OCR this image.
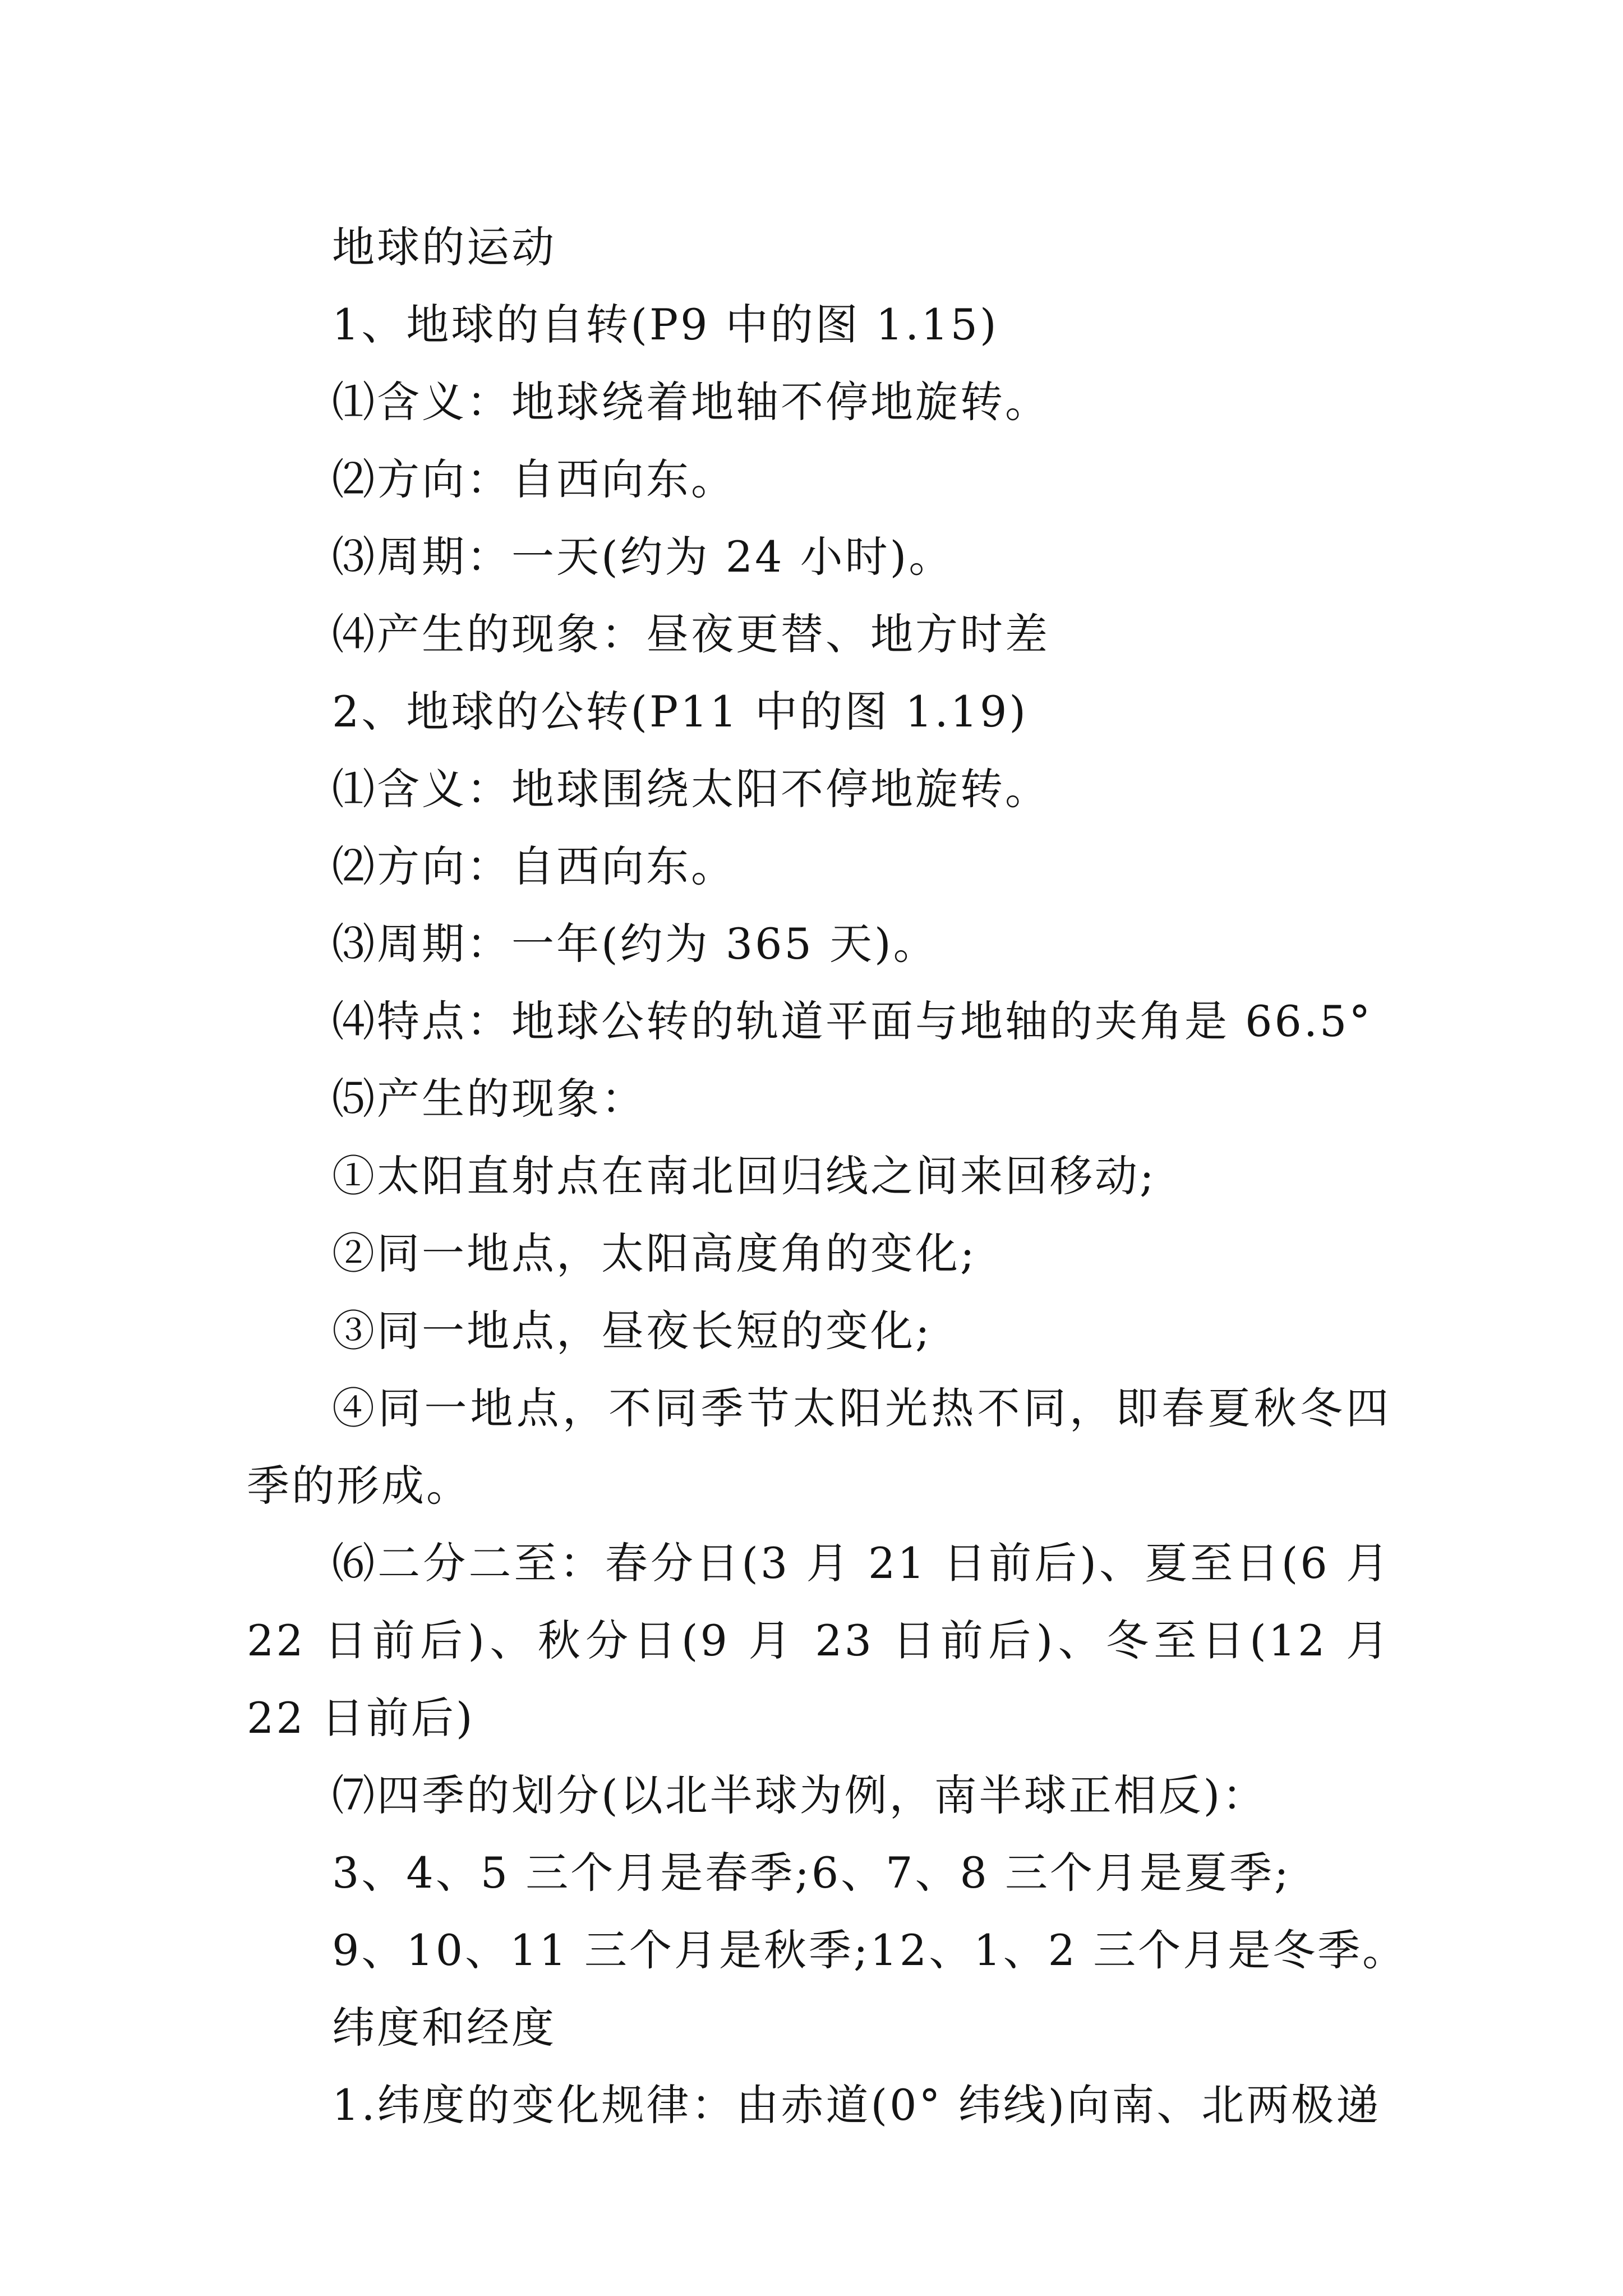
地球的运动

1、地球的自转(P9 中的图 1.15)

⑴含义：地球绕着地轴不停地旋转。

⑵方向：自西向东。

⑶周期：一天(约为 24 小时)。

⑷产生的现象：昼夜更替、地方时差

2、地球的公转(P11 中的图 1.19)

⑴含义：地球围绕太阳不停地旋转。

⑵方向：自西向东。

⑶周期：一年(约为 365 天)。

⑷特点：地球公转的轨道平面与地轴的夹角是 66.5°

⑸产生的现象：

①太阳直射点在南北回归线之间来回移动;

②同一地点，太阳高度角的变化;

③同一地点，昼夜长短的变化;

④同一地点，不同季节太阳光热不同，即春夏秋冬四季的形成。

⑹二分二至：春分日(3 月 21 日前后)、夏至日(6 月 22 日前后)、秋分日(9 月 23 日前后)、冬至日(12 月 22 日前后)

⑺四季的划分(以北半球为例，南半球正相反)：

3、4、5 三个月是春季;6、7、8 三个月是夏季;

9、10、11 三个月是秋季;12、1、2 三个月是冬季。

纬度和经度

1.纬度的变化规律：由赤道(0° 纬线)向南、北两极递
